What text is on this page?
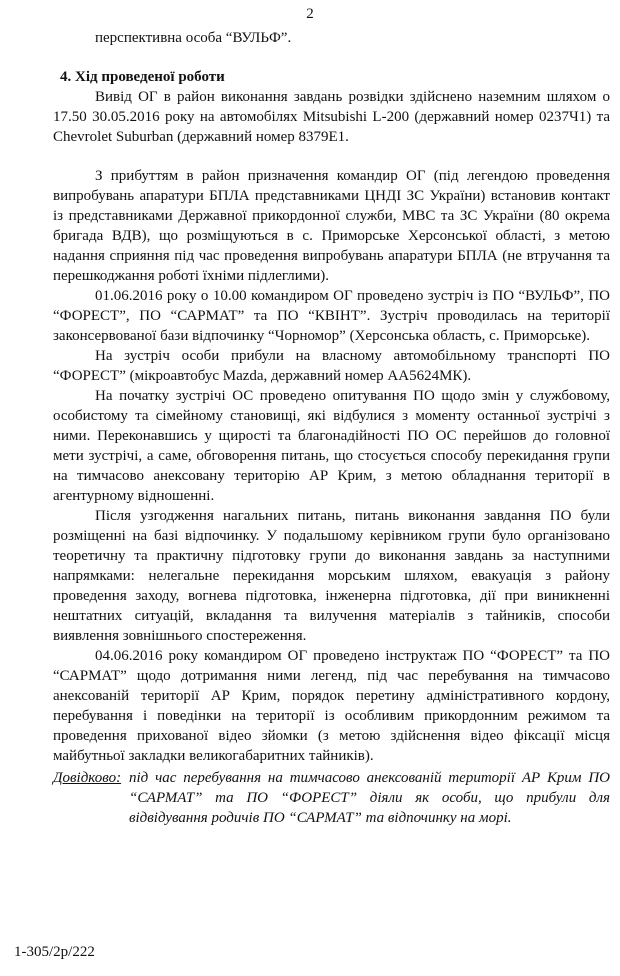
2

перспективна особа “ВУЛЬФ”.

4. Хід проведеної роботи

Вивід ОГ в район виконання завдань розвідки здійснено наземним шляхом о 17.50 30.05.2016 року на автомобілях Mitsubishi L-200 (державний номер 0237Ч1) та Chevrolet Suburban (державний номер 8379Е1.

З прибуттям в район призначення командир ОГ (під легендою проведення випробувань апаратури БПЛА представниками ЦНДІ ЗС України) встановив контакт із представниками Державної прикордонної служби, МВС та ЗС України (80 окрема бригада ВДВ), що розміщуються в с. Приморське Херсонської області, з метою надання сприяння під час проведення випробувань апаратури БПЛА (не втручання та перешкоджання роботі їхніми підлеглими).

01.06.2016 року о 10.00 командиром ОГ проведено зустріч із ПО “ВУЛЬФ”, ПО “ФОРЕСТ”, ПО “САРМАТ” та ПО “КВІНТ”. Зустріч проводилась на території законсервованої бази відпочинку “Чорномор” (Херсонська область, с. Приморське).

На зустріч особи прибули на власному автомобільному транспорті ПО “ФОРЕСТ” (мікроавтобус Mazda, державний номер АА5624МК).

На початку зустрічі ОС проведено опитування ПО щодо змін у службовому, особистому та сімейному становищі, які відбулися з моменту останньої зустрічі з ними. Переконавшись у щирості та благонадійності ПО ОС перейшов до головної мети зустрічі, а саме, обговорення питань, що стосується способу перекидання групи на тимчасово анексовану територію АР Крим, з метою обладнання території в агентурному відношенні.

Після узгодження нагальних питань, питань виконання завдання ПО були розміщенні на базі відпочинку. У подальшому керівником групи було організовано теоретичну та практичну підготовку групи до виконання завдань за наступними напрямками: нелегальне перекидання морським шляхом, евакуація з району проведення заходу, вогнева підготовка, інженерна підготовка, дії при виникненні нештатних ситуацій, вкладання та вилучення матеріалів з тайників, способи виявлення зовнішнього спостереження.

04.06.2016 року командиром ОГ проведено інструктаж ПО “ФОРЕСТ” та ПО “САРМАТ” щодо дотримання ними легенд, під час перебування на тимчасово анексованій території АР Крим, порядок перетину адміністративного кордону, перебування і поведінки на території із особливим прикордонним режимом та проведення прихованої відео зйомки (з метою здійснення відео фіксації місця майбутньої закладки великогабаритних тайників).

Довідково: під час перебування на тимчасово анексованій території АР Крим ПО “САРМАТ” та ПО “ФОРЕСТ” діяли як особи, що прибули для відвідування родичів ПО “САРМАТ” та відпочинку на морі.
1-305/2р/222
